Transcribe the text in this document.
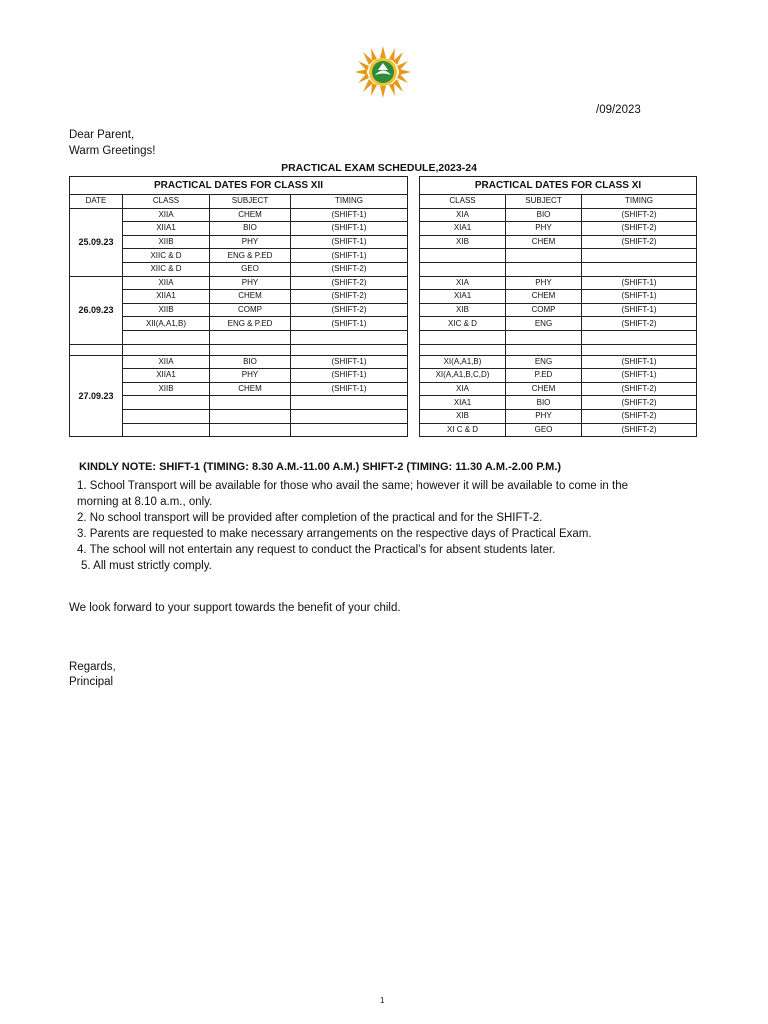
/09/2023
Dear Parent,
Warm Greetings!
PRACTICAL EXAM SCHEDULE,2023-24
PRACTICAL DATES FOR CLASS XII					PRACTICAL DATES FOR CLASS XI		
DATE	CLASS	SUBJECT	TIMING		CLASS	SUBJECT	TIMING
25.09.23	XIIA	CHEM	(SHIFT-1)		XIA	BIO	(SHIFT-2)
	XIIA1	BIO	(SHIFT-1)		XIA1	PHY	(SHIFT-2)
	XIIB	PHY	(SHIFT-1)		XIB	CHEM	(SHIFT-2)
	XIIC & D	ENG & P.ED	(SHIFT-1)				
	XIIC & D	GEO	(SHIFT-2)				
26.09.23	XIIA	PHY	(SHIFT-2)		XIA	PHY	(SHIFT-1)
	XIIA1	CHEM	(SHIFT-2)		XIA1	CHEM	(SHIFT-1)
	XIIB	COMP	(SHIFT-2)		XIB	COMP	(SHIFT-1)
	XII(A,A1,B)	ENG & P.ED	(SHIFT-1)		XIC & D	ENG	(SHIFT-2)

27.09.23	XIIA	BIO	(SHIFT-1)		XI(A,A1,B)	ENG	(SHIFT-1)
	XIIA1	PHY	(SHIFT-1)		XI(A,A1,B,C,D)	P.ED	(SHIFT-1)
	XIIB	CHEM	(SHIFT-1)		XIA	CHEM	(SHIFT-2)
					XIA1	BIO	(SHIFT-2)
					XIB	PHY	(SHIFT-2)
					XI C & D	GEO	(SHIFT-2)
KINDLY NOTE: SHIFT-1 (TIMING: 8.30 A.M.-11.00 A.M.) SHIFT-2 (TIMING: 11.30 A.M.-2.00 P.M.)
1. School Transport will be available for those who avail the same; however it will be available to come in the
morning at 8.10 a.m., only.
2. No school transport will be provided after completion of the practical and for the SHIFT-2.
3. Parents are requested to make necessary arrangements on the respective days of Practical Exam.
4. The school will not entertain any request to conduct the Practical’s for absent students later.
5. All must strictly comply.
We look forward to your support towards the benefit of your child.
Regards,
Principal
1
